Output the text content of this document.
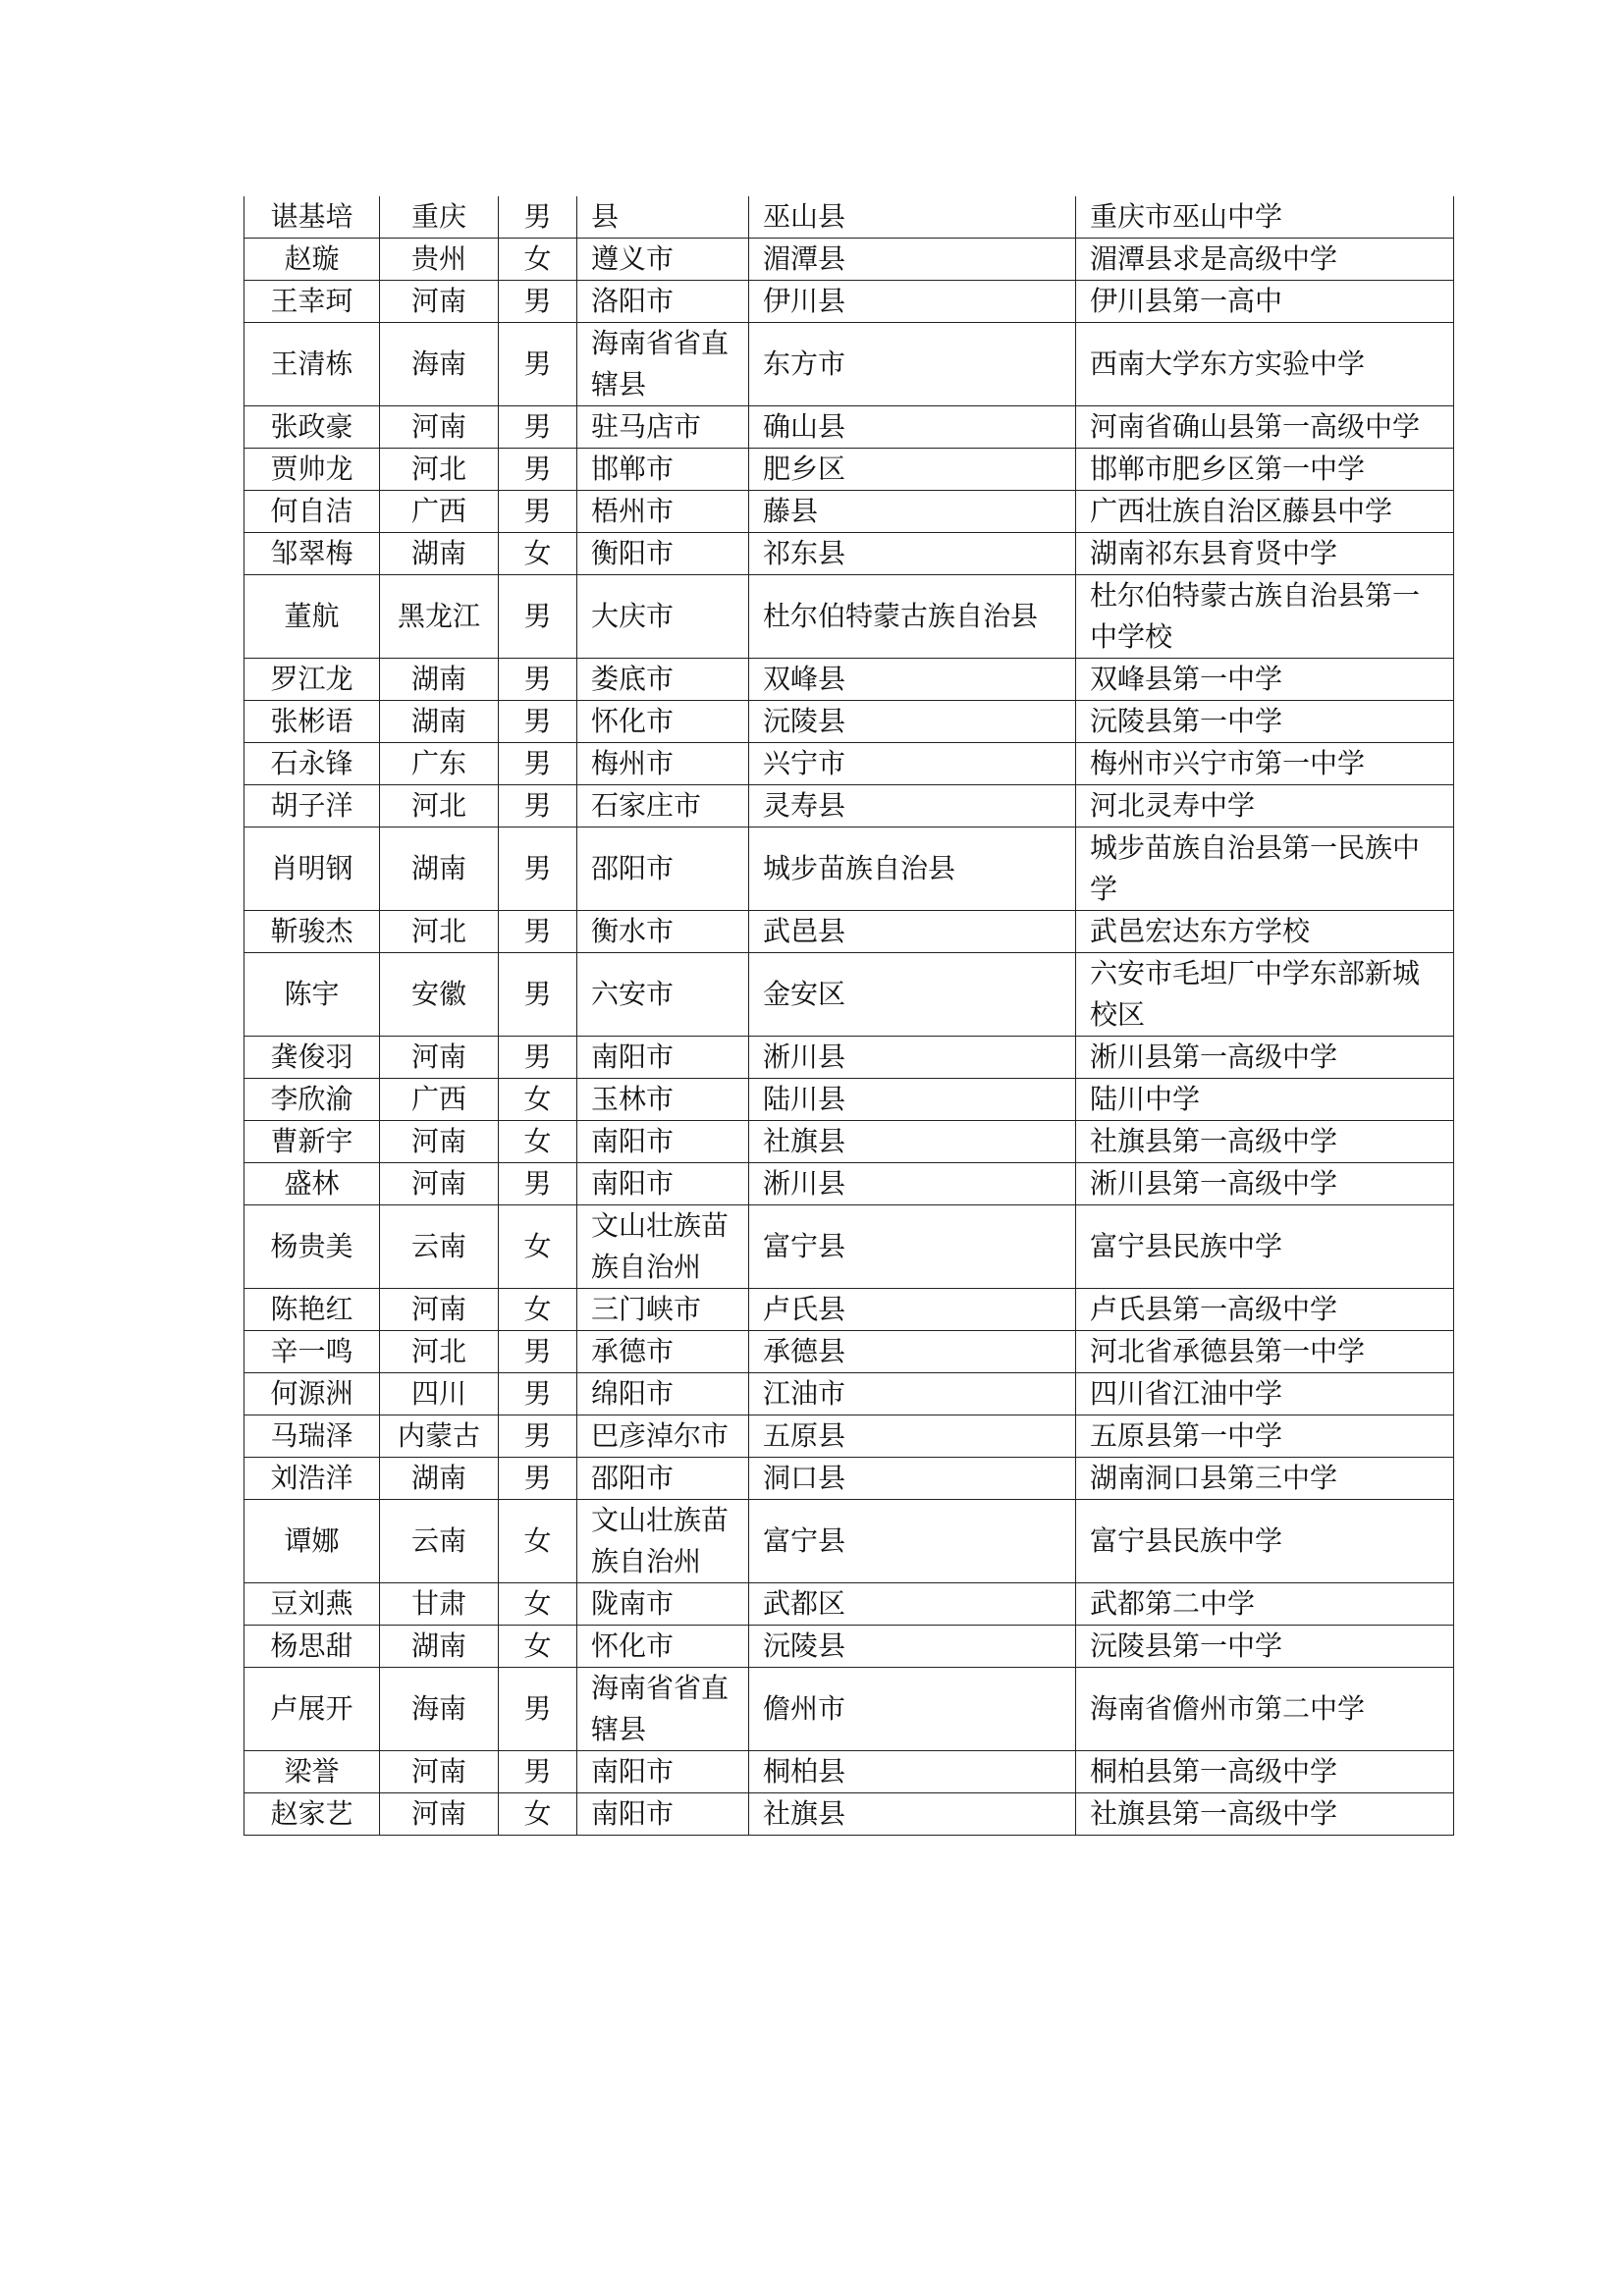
谌基培	重庆	男	县	巫山县	重庆市巫山中学
赵璇	贵州	女	遵义市	湄潭县	湄潭县求是高级中学
王幸珂	河南	男	洛阳市	伊川县	伊川县第一高中
王清栋	海南	男	海南省省直辖县	东方市	西南大学东方实验中学
张政豪	河南	男	驻马店市	确山县	河南省确山县第一高级中学
贾帅龙	河北	男	邯郸市	肥乡区	邯郸市肥乡区第一中学
何自洁	广西	男	梧州市	藤县	广西壮族自治区藤县中学
邹翠梅	湖南	女	衡阳市	祁东县	湖南祁东县育贤中学
董航	黑龙江	男	大庆市	杜尔伯特蒙古族自治县	杜尔伯特蒙古族自治县第一中学校
罗江龙	湖南	男	娄底市	双峰县	双峰县第一中学
张彬语	湖南	男	怀化市	沅陵县	沅陵县第一中学
石永锋	广东	男	梅州市	兴宁市	梅州市兴宁市第一中学
胡子洋	河北	男	石家庄市	灵寿县	河北灵寿中学
肖明钢	湖南	男	邵阳市	城步苗族自治县	城步苗族自治县第一民族中学
靳骏杰	河北	男	衡水市	武邑县	武邑宏达东方学校
陈宇	安徽	男	六安市	金安区	六安市毛坦厂中学东部新城校区
龚俊羽	河南	男	南阳市	淅川县	淅川县第一高级中学
李欣渝	广西	女	玉林市	陆川县	陆川中学
曹新宇	河南	女	南阳市	社旗县	社旗县第一高级中学
盛林	河南	男	南阳市	淅川县	淅川县第一高级中学
杨贵美	云南	女	文山壮族苗族自治州	富宁县	富宁县民族中学
陈艳红	河南	女	三门峡市	卢氏县	卢氏县第一高级中学
辛一鸣	河北	男	承德市	承德县	河北省承德县第一中学
何源洲	四川	男	绵阳市	江油市	四川省江油中学
马瑞泽	内蒙古	男	巴彦淖尔市	五原县	五原县第一中学
刘浩洋	湖南	男	邵阳市	洞口县	湖南洞口县第三中学
谭娜	云南	女	文山壮族苗族自治州	富宁县	富宁县民族中学
豆刘燕	甘肃	女	陇南市	武都区	武都第二中学
杨思甜	湖南	女	怀化市	沅陵县	沅陵县第一中学
卢展开	海南	男	海南省省直辖县	儋州市	海南省儋州市第二中学
梁誉	河南	男	南阳市	桐柏县	桐柏县第一高级中学
赵家艺	河南	女	南阳市	社旗县	社旗县第一高级中学
